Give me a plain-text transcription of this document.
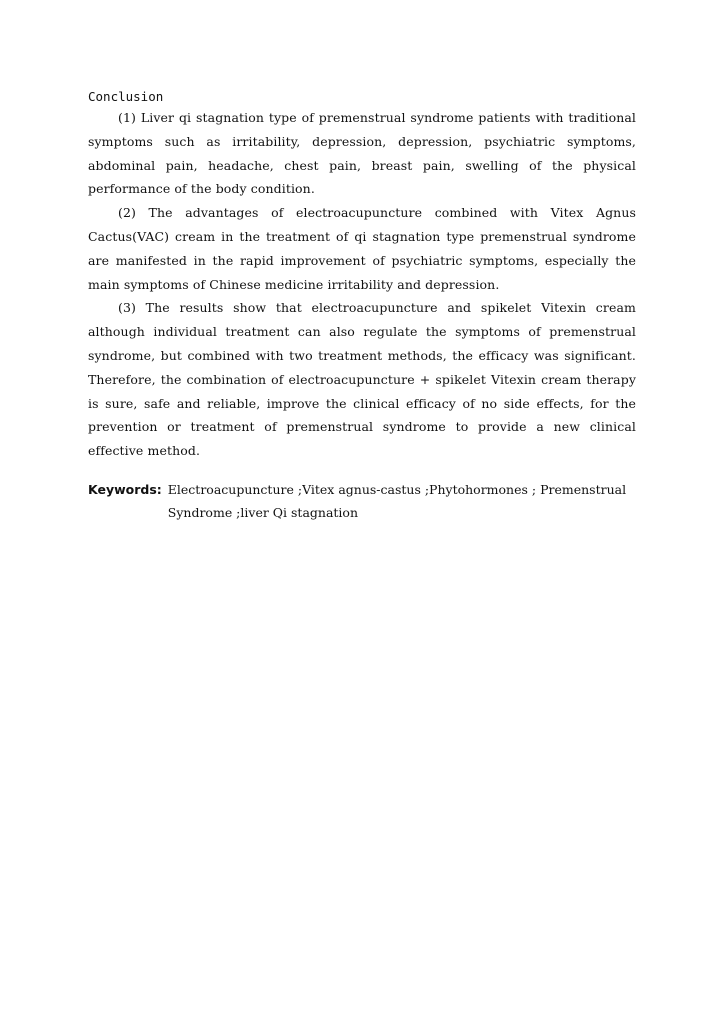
Conclusion

(1) Liver qi stagnation type of premenstrual syndrome patients with traditional symptoms such as irritability, depression, depression, psychiatric symptoms, abdominal pain, headache, chest pain, breast pain, swelling of the physical performance of the body condition.

(2) The advantages of electroacupuncture combined with Vitex Agnus Cactus(VAC) cream in the treatment of qi stagnation type premenstrual syndrome are manifested in the rapid improvement of psychiatric symptoms, especially the main symptoms of Chinese medicine irritability and depression.

(3) The results show that electroacupuncture and spikelet Vitexin cream although individual treatment can also regulate the symptoms of premenstrual syndrome, but combined with two treatment methods, the efficacy was significant. Therefore, the combination of electroacupuncture + spikelet Vitexin cream therapy is sure, safe and reliable, improve the clinical efficacy of no side effects, for the prevention or treatment of premenstrual syndrome to provide a new clinical effective method.

Keywords: Electroacupuncture ;Vitex agnus-castus ;Phytohormones ; Premenstrual Syndrome ;liver Qi stagnation
